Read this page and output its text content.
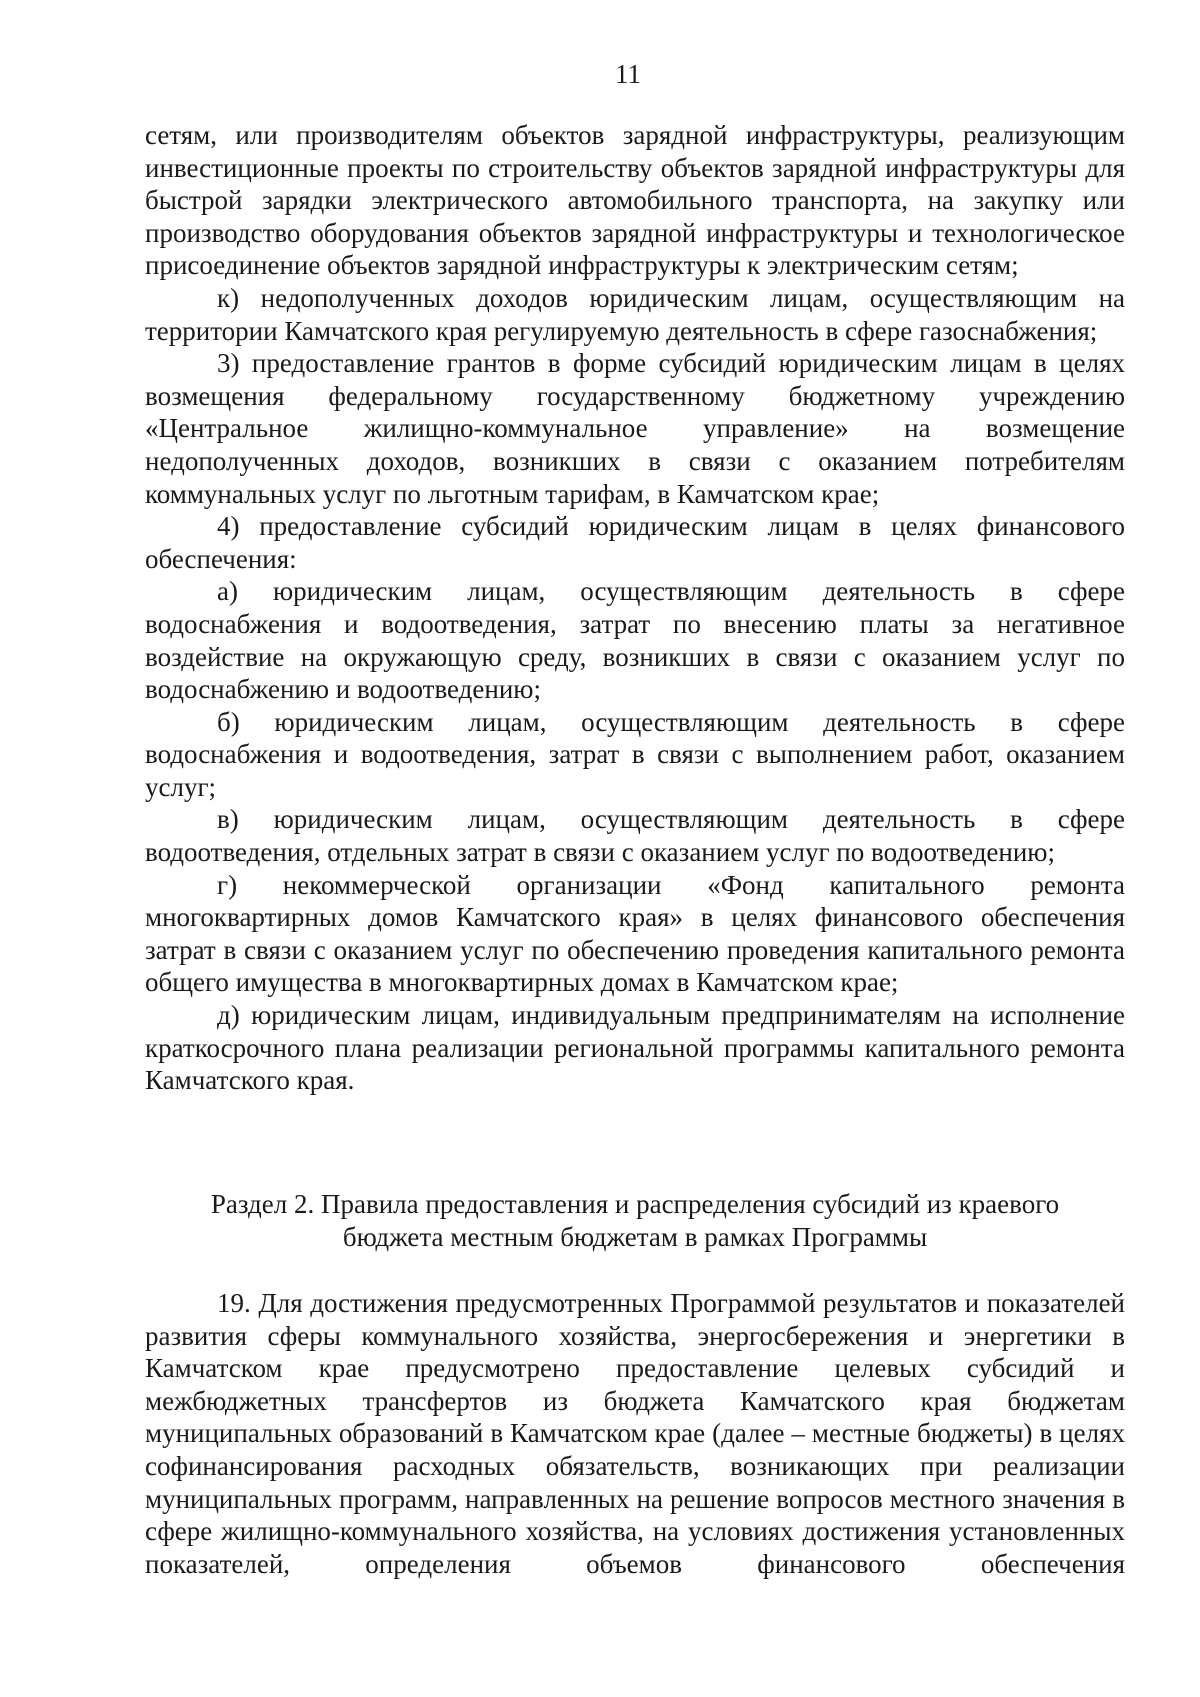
11

сетям, или производителям объектов зарядной инфраструктуры, реализующим инвестиционные проекты по строительству объектов зарядной инфраструктуры для быстрой зарядки электрического автомобильного транспорта, на закупку или производство оборудования объектов зарядной инфраструктуры и технологическое присоединение объектов зарядной инфраструктуры к электрическим сетям;

к) недополученных доходов юридическим лицам, осуществляющим на территории Камчатского края регулируемую деятельность в сфере газоснабжения;

3) предоставление грантов в форме субсидий юридическим лицам в целях возмещения федеральному государственному бюджетному учреждению «Центральное жилищно-коммунальное управление» на возмещение недополученных доходов, возникших в связи с оказанием потребителям коммунальных услуг по льготным тарифам, в Камчатском крае;

4) предоставление субсидий юридическим лицам в целях финансового обеспечения:

а) юридическим лицам, осуществляющим деятельность в сфере водоснабжения и водоотведения, затрат по внесению платы за негативное воздействие на окружающую среду, возникших в связи с оказанием услуг по водоснабжению и водоотведению;

б) юридическим лицам, осуществляющим деятельность в сфере водоснабжения и водоотведения, затрат в связи с выполнением работ, оказанием услуг;

в) юридическим лицам, осуществляющим деятельность в сфере водоотведения, отдельных затрат в связи с оказанием услуг по водоотведению;

г) некоммерческой организации «Фонд капитального ремонта многоквартирных домов Камчатского края» в целях финансового обеспечения затрат в связи с оказанием услуг по обеспечению проведения капитального ремонта общего имущества в многоквартирных домах в Камчатском крае;

д) юридическим лицам, индивидуальным предпринимателям на исполнение краткосрочного плана реализации региональной программы капитального ремонта Камчатского края.

Раздел 2. Правила предоставления и распределения субсидий из краевого

бюджета местным бюджетам в рамках Программы

19. Для достижения предусмотренных Программой результатов и показателей развития сферы коммунального хозяйства, энергосбережения и энергетики в Камчатском крае предусмотрено предоставление целевых субсидий и межбюджетных трансфертов из бюджета Камчатского края бюджетам муниципальных образований в Камчатском крае (далее – местные бюджеты) в целях софинансирования расходных обязательств, возникающих при реализации муниципальных программ, направленных на решение вопросов местного значения в сфере жилищно-коммунального хозяйства, на условиях достижения установленных показателей, определения объемов финансового обеспечения
